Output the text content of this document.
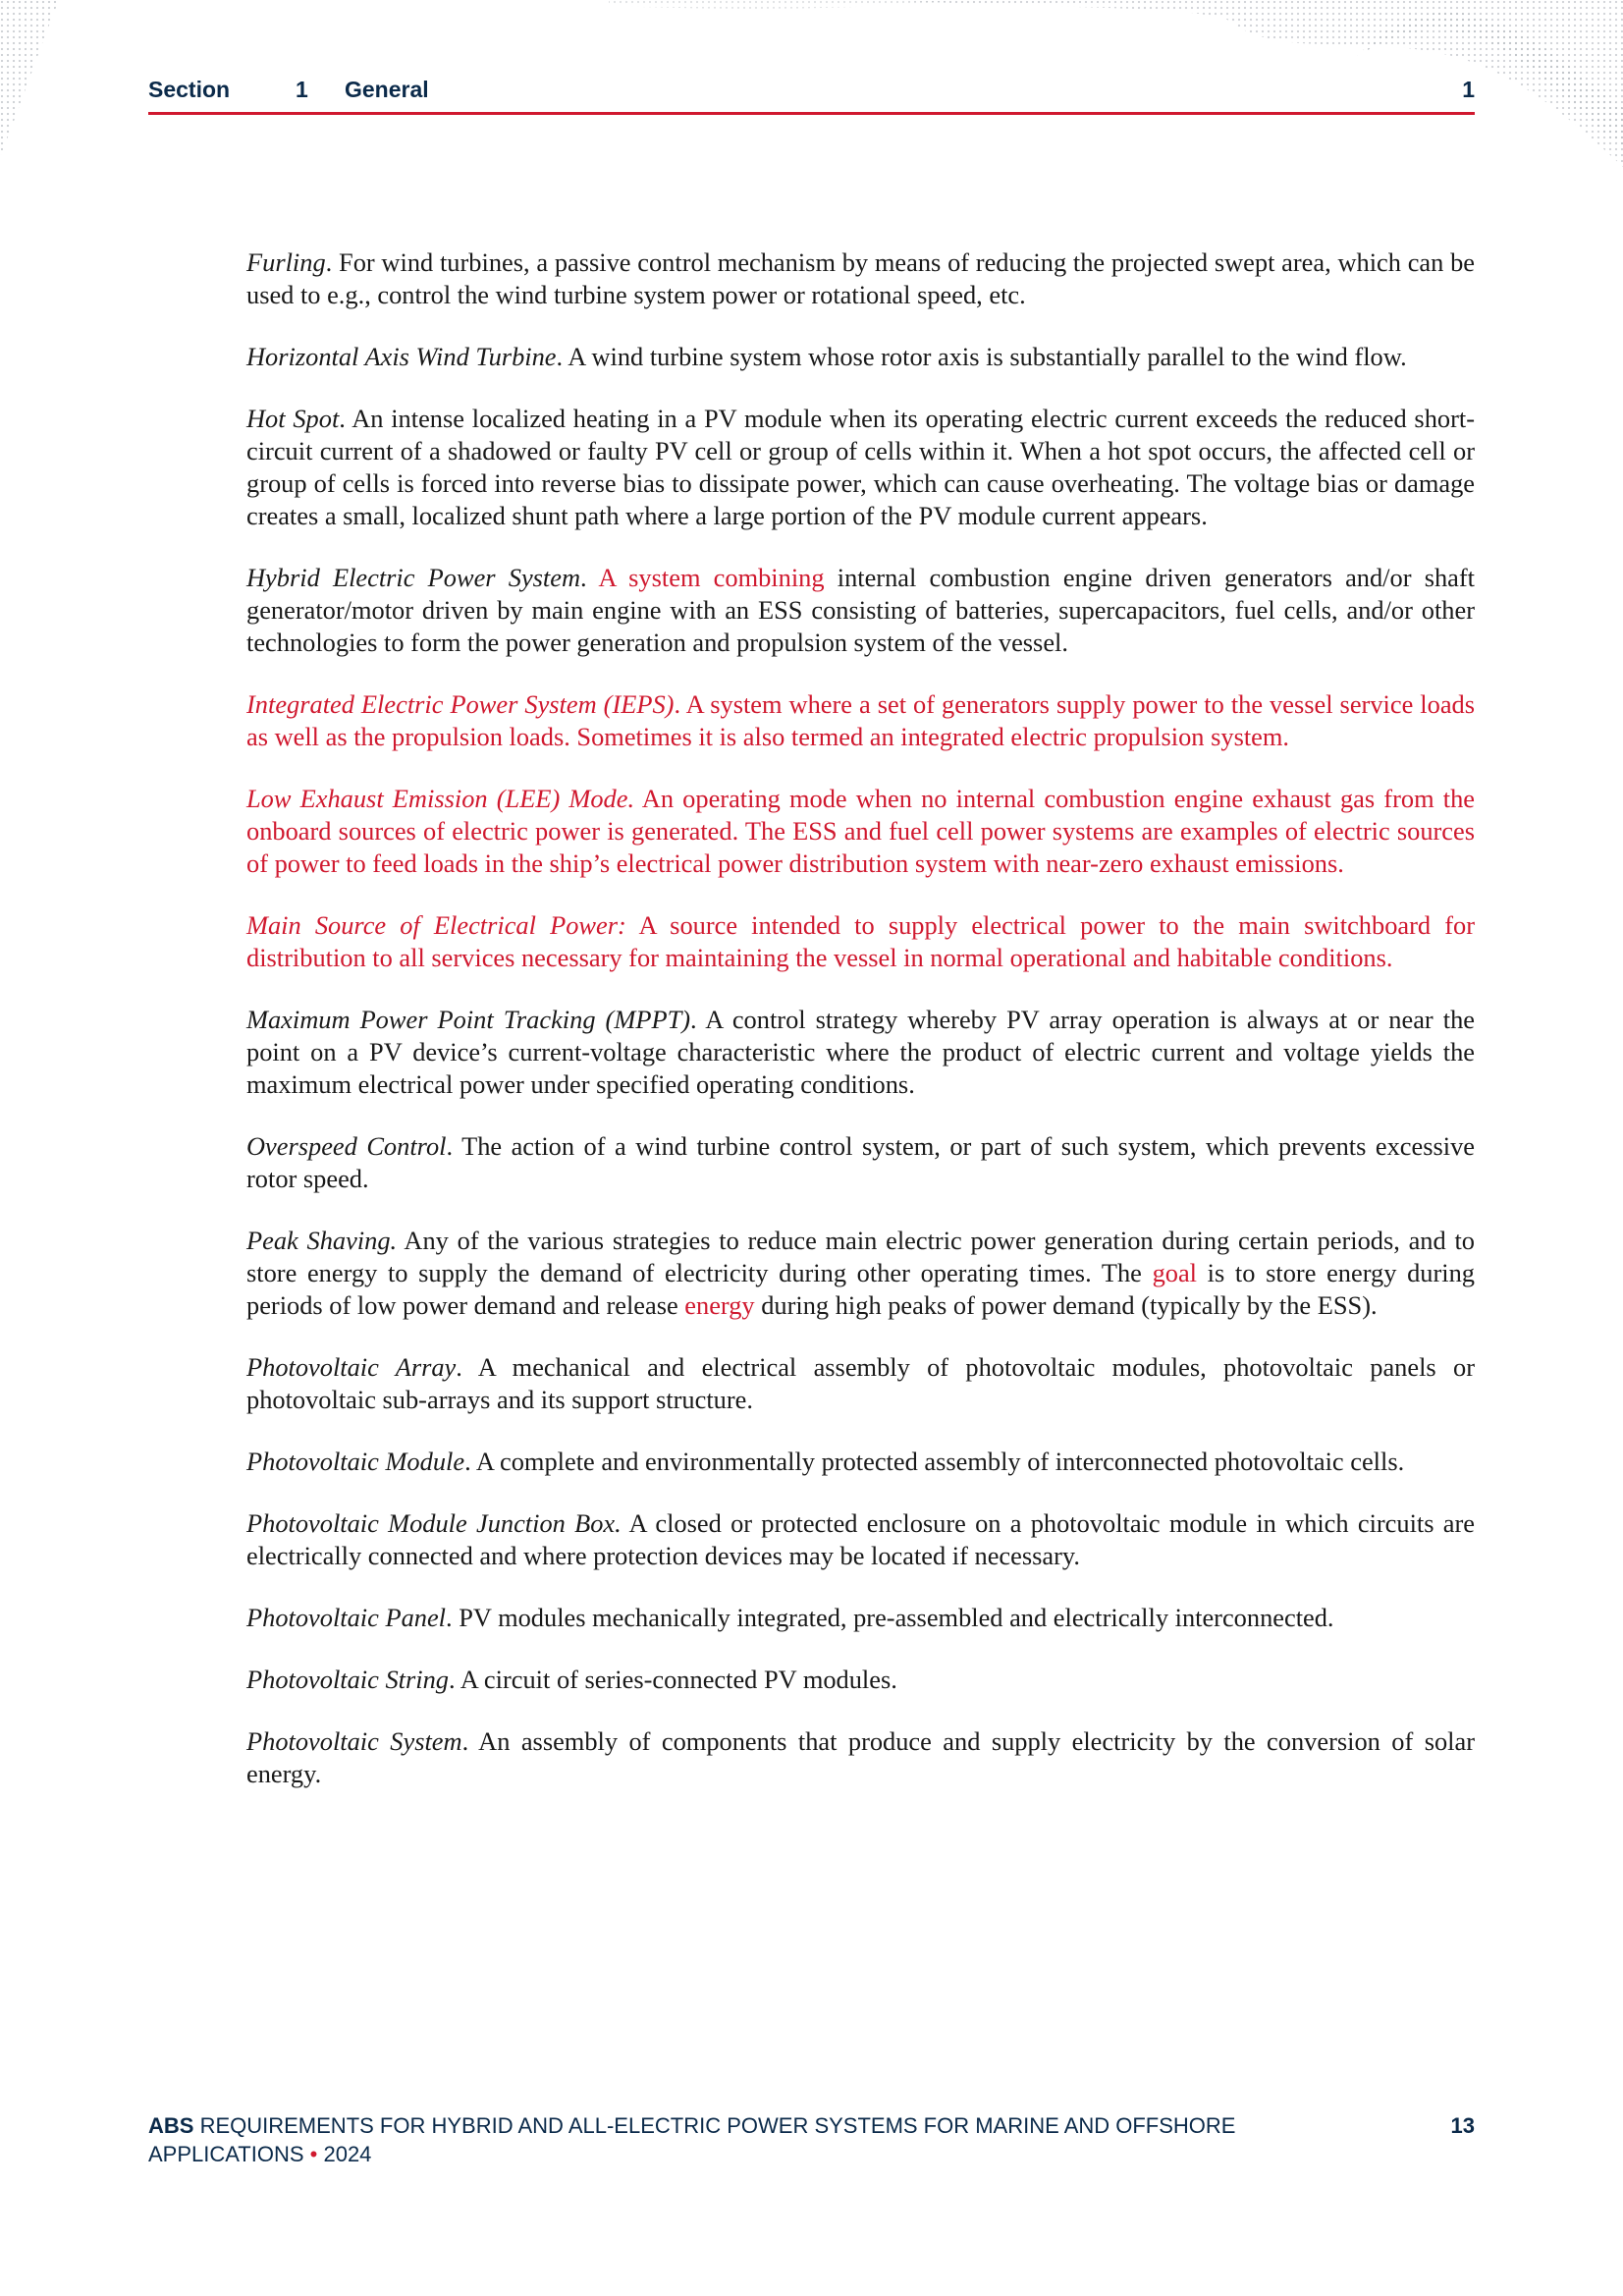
Section	1 General	1

Furling. For wind turbines, a passive control mechanism by means of reducing the projected swept area, which can be used to e.g., control the wind turbine system power or rotational speed, etc.

Horizontal Axis Wind Turbine. A wind turbine system whose rotor axis is substantially parallel to the wind flow.

Hot Spot. An intense localized heating in a PV module when its operating electric current exceeds the reduced short-circuit current of a shadowed or faulty PV cell or group of cells within it. When a hot spot occurs, the affected cell or group of cells is forced into reverse bias to dissipate power, which can cause overheating. The voltage bias or damage creates a small, localized shunt path where a large portion of the PV module current appears.

Hybrid Electric Power System. A system combining internal combustion engine driven generators and/or shaft generator/motor driven by main engine with an ESS consisting of batteries, supercapacitors, fuel cells, and/or other technologies to form the power generation and propulsion system of the vessel.

Integrated Electric Power System (IEPS). A system where a set of generators supply power to the vessel service loads as well as the propulsion loads. Sometimes it is also termed an integrated electric propulsion system.

Low Exhaust Emission (LEE) Mode. An operating mode when no internal combustion engine exhaust gas from the onboard sources of electric power is generated. The ESS and fuel cell power systems are examples of electric sources of power to feed loads in the ship’s electrical power distribution system with near-zero exhaust emissions.

Main Source of Electrical Power: A source intended to supply electrical power to the main switchboard for distribution to all services necessary for maintaining the vessel in normal operational and habitable conditions.

Maximum Power Point Tracking (MPPT). A control strategy whereby PV array operation is always at or near the point on a PV device’s current-voltage characteristic where the product of electric current and voltage yields the maximum electrical power under specified operating conditions.

Overspeed Control. The action of a wind turbine control system, or part of such system, which prevents excessive rotor speed.

Peak Shaving. Any of the various strategies to reduce main electric power generation during certain periods, and to store energy to supply the demand of electricity during other operating times. The goal is to store energy during periods of low power demand and release energy during high peaks of power demand (typically by the ESS).

Photovoltaic Array. A mechanical and electrical assembly of photovoltaic modules, photovoltaic panels or photovoltaic sub-arrays and its support structure.

Photovoltaic Module. A complete and environmentally protected assembly of interconnected photovoltaic cells.

Photovoltaic Module Junction Box. A closed or protected enclosure on a photovoltaic module in which circuits are electrically connected and where protection devices may be located if necessary.

Photovoltaic Panel. PV modules mechanically integrated, pre-assembled and electrically interconnected.

Photovoltaic String. A circuit of series-connected PV modules.

Photovoltaic System. An assembly of components that produce and supply electricity by the conversion of solar energy.

ABS REQUIREMENTS FOR HYBRID AND ALL-ELECTRIC POWER SYSTEMS FOR MARINE AND OFFSHORE APPLICATIONS • 2024
13
